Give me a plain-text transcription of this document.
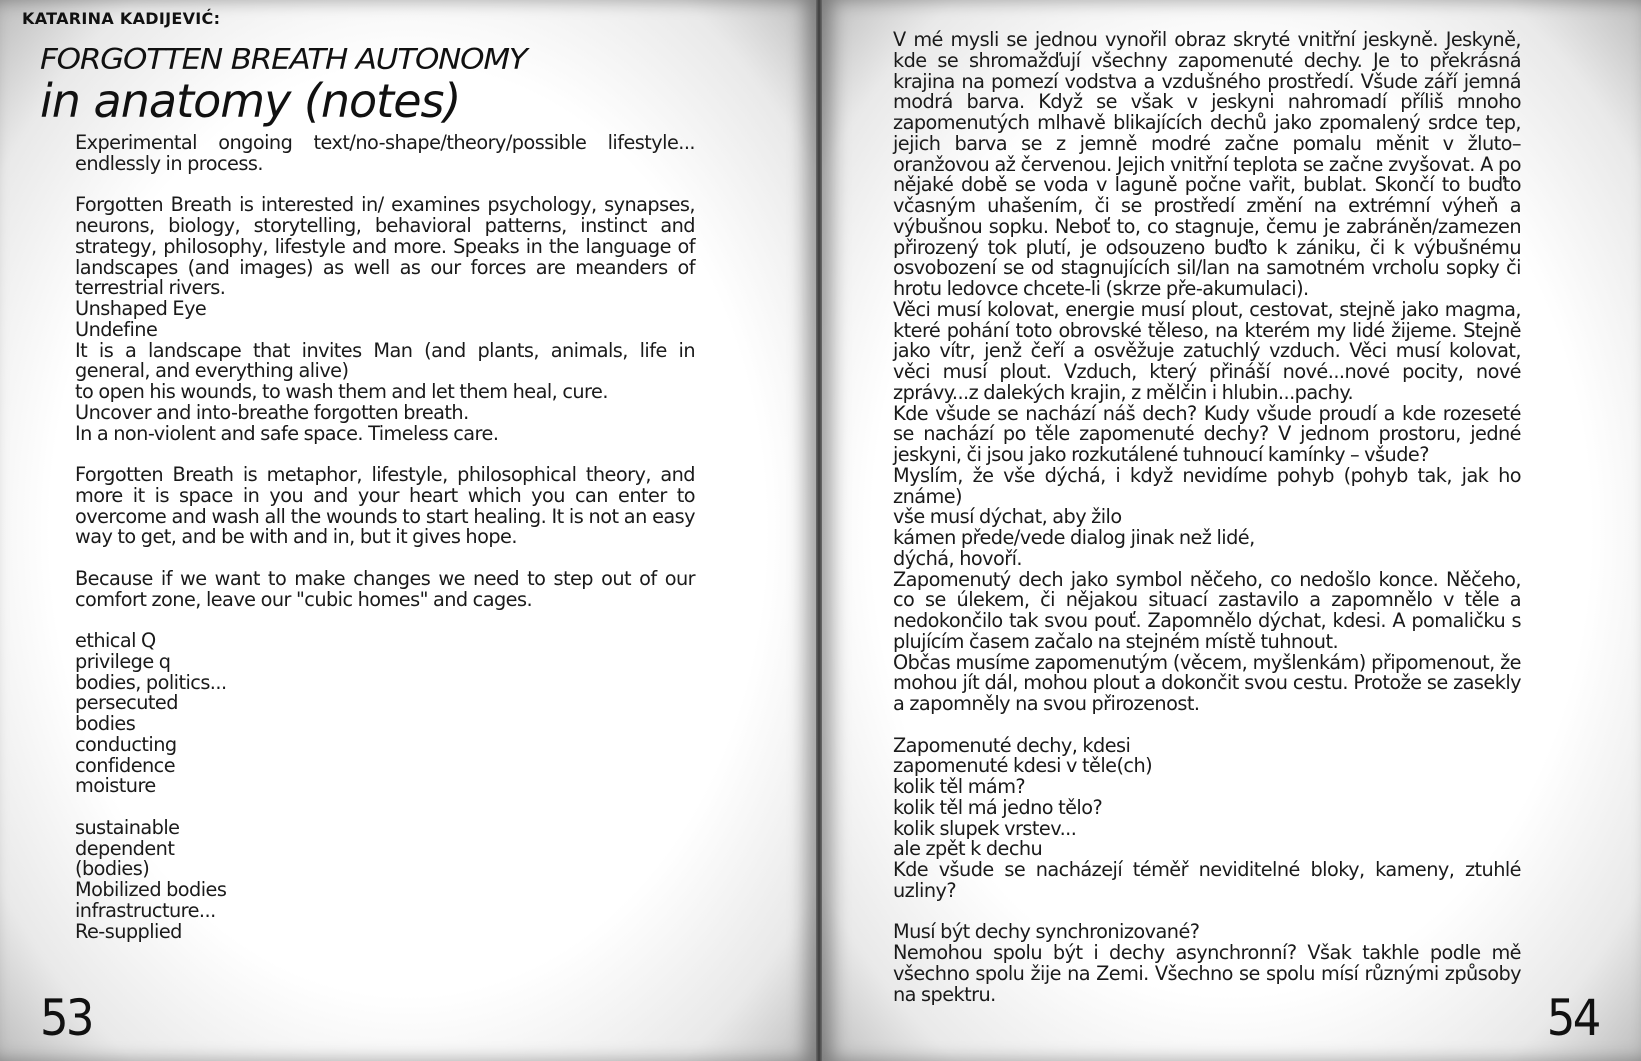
KATARINA KADIJEVIĆ:
FORGOTTEN BREATH AUTONOMY
in anatomy (notes)

Experimental ongoing text/no-shape/theory/possible lifestyle... endlessly in process.

Forgotten Breath is interested in/ examines psychology, synapses, neurons, biology, storytelling, behavioral patterns, instinct and strategy, philosophy, lifestyle and more. Speaks in the language of landscapes (and images) as well as our forces are meanders of terrestrial rivers.

Unshaped Eye
Undefine

It is a landscape that invites Man (and plants, animals, life in general, and everything alive)

to open his wounds, to wash them and let them heal, cure.
Uncover and into-breathe forgotten breath.
In a non-violent and safe space. Timeless care.

Forgotten Breath is metaphor, lifestyle, philosophical theory, and more it is space in you and your heart which you can enter to overcome and wash all the wounds to start healing. It is not an easy way to get, and be with and in, but it gives hope.

Because if we want to make changes we need to step out of our comfort zone, leave our "cubic homes" and cages.

ethical Q
privilege q
bodies, politics...
persecuted
bodies
conducting
confidence
moisture
sustainable
dependent
(bodies)
Mobilized bodies
infrastructure...
Re-supplied
53

V mé mysli se jednou vynořil obraz skryté vnitřní jeskyně. Jeskyně, kde se shromažďují všechny zapomenuté dechy. Je to překrásná krajina na pomezí vodstva a vzdušného prostředí. Všude září jemná modrá barva. Když se však v jeskyni nahromadí příliš mnoho zapomenutých mlhavě blikajících dechů jako zpomalený srdce tep, jejich barva se z jemně modré začne pomalu měnit v žluto–oranžovou až červenou. Jejich vnitřní teplota se začne zvyšovat. A po nějaké době se voda v laguně počne vařit, bublat. Skončí to buďto včasným uhašením, či se prostředí změní na extrémní výheň a výbušnou sopku. Neboť to, co stagnuje, čemu je zabráněn/zamezen přirozený tok plutí, je odsouzeno buďto k zániku, či k výbušnému osvobození se od stagnujících sil/lan na samotném vrcholu sopky či hrotu ledovce chcete-li (skrze pře-akumulaci).

Věci musí kolovat, energie musí plout, cestovat, stejně jako magma, které pohání toto obrovské těleso, na kterém my lidé žijeme. Stejně jako vítr, jenž čeří a osvěžuje zatuchlý vzduch. Věci musí kolovat, věci musí plout. Vzduch, který přináší nové...nové pocity, nové zprávy...z dalekých krajin, z mělčin i hlubin...pachy.

Kde všude se nachází náš dech? Kudy všude proudí a kde rozeseté se nachází po těle zapomenuté dechy? V jednom prostoru, jedné jeskyni, či jsou jako rozkutálené tuhnoucí kamínky – všude?

Myslím, že vše dýchá, i když nevidíme pohyb (pohyb tak, jak ho známe)

vše musí dýchat, aby žilo
kámen přede/vede dialog jinak než lidé,
dýchá, hovoří.

Zapomenutý dech jako symbol něčeho, co nedošlo konce. Něčeho, co se úlekem, či nějakou situací zastavilo a zapomnělo v těle a nedokončilo tak svou pouť. Zapomnělo dýchat, kdesi. A pomaličku s plujícím časem začalo na stejném místě tuhnout.

Občas musíme zapomenutým (věcem, myšlenkám) připomenout, že mohou jít dál, mohou plout a dokončit svou cestu. Protože se zasekly a zapomněly na svou přirozenost.

Zapomenuté dechy, kdesi
zapomenuté kdesi v těle(ch)
kolik těl mám?
kolik těl má jedno tělo?
kolik slupek vrstev...
ale zpět k dechu

Kde všude se nacházejí téměř neviditelné bloky, kameny, ztuhlé uzliny?

Musí být dechy synchronizované?

Nemohou spolu být i dechy asynchronní? Však takhle podle mě všechno spolu žije na Zemi. Všechno se spolu mísí různými způsoby na spektru.	54
